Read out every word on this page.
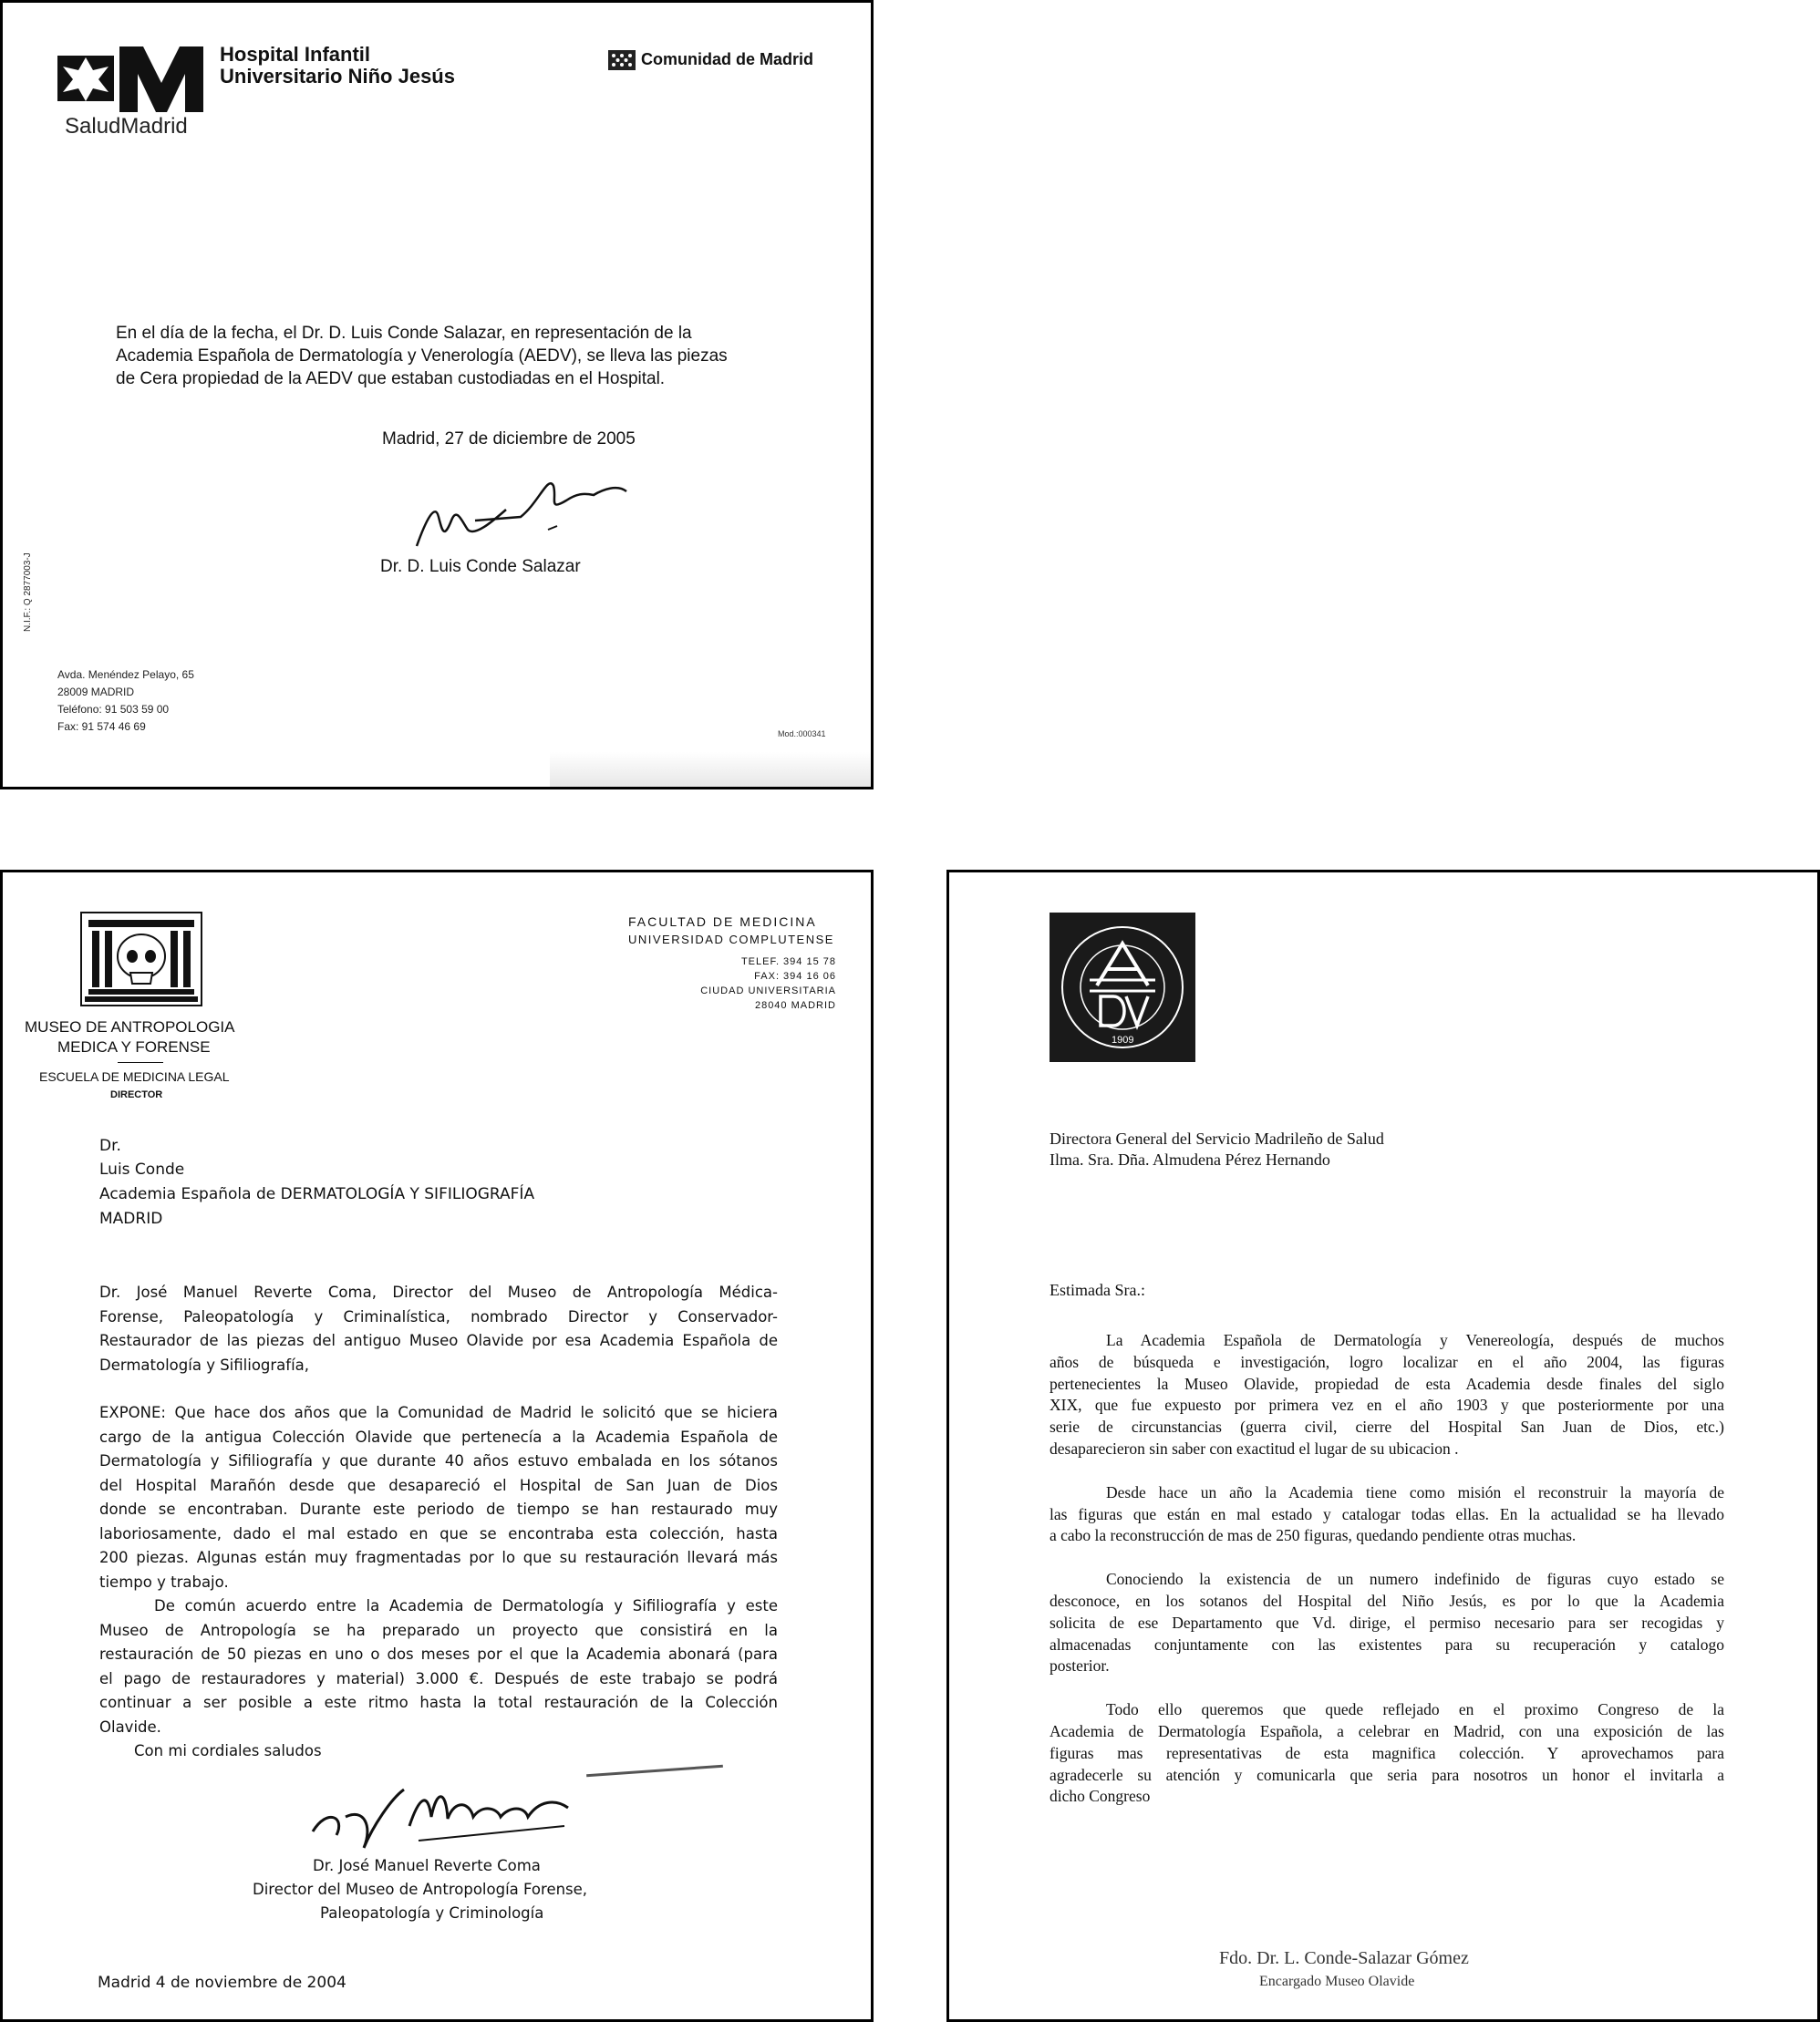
SaludMadrid
Hospital Infantil
Universitario Niño Jesús
Comunidad de Madrid
En el día de la fecha, el Dr. D. Luis Conde Salazar, en representación de la
Academia Española de Dermatología y Venerología (AEDV), se lleva las piezas
de Cera propiedad de la AEDV que estaban custodiadas en el Hospital.
Madrid, 27 de diciembre de 2005
Dr. D. Luis Conde Salazar
N.I.F.: Q 2877003-J
Avda. Menéndez Pelayo, 65
28009 MADRID
Teléfono: 91 503 59 00
Fax: 91 574 46 69
Mod.:000341
MUSEO DE ANTROPOLOGIA
MEDICA Y FORENSE
ESCUELA DE MEDICINA LEGAL
DIRECTOR
FACULTAD DE MEDICINA
UNIVERSIDAD COMPLUTENSE
TELEF. 394 15 78
FAX: 394 16 06
CIUDAD UNIVERSITARIA
28040 MADRID
Dr.
Luis Conde
Academia Española de DERMATOLOGÍA Y SIFILIOGRAFÍA
MADRID
Dr. José Manuel Reverte Coma, Director del Museo de Antropología Médica-
Forense, Paleopatología y Criminalística, nombrado Director y Conservador-
Restaurador de las piezas del antiguo Museo Olavide por esa Academia Española de
Dermatología y Sifiliografía,
EXPONE: Que hace dos años que la Comunidad de Madrid le solicitó que se hiciera
cargo de la antigua Colección Olavide que pertenecía a la Academia Española de
Dermatología y Sifiliografía y que durante 40 años estuvo embalada en los sótanos
del Hospital Marañón desde que desapareció el Hospital de San Juan de Dios
donde se encontraban. Durante este periodo de tiempo se han restaurado muy
laboriosamente, dado el mal estado en que se encontraba esta colección, hasta
200 piezas. Algunas están muy fragmentadas por lo que su restauración llevará más
tiempo y trabajo.
De común acuerdo entre la Academia de Dermatología y Sifiliografía y este
Museo de Antropología se ha preparado un proyecto que consistirá en la
restauración de 50 piezas en uno o dos meses por el que la Academia abonará (para
el pago de restauradores y material) 3.000 €. Después de este trabajo se podrá
continuar a ser posible a este ritmo hasta la total restauración de la Colección
Olavide.
Con mi cordiales saludos
Dr. José Manuel Reverte Coma
Director del Museo de Antropología Forense,
Paleopatología y Criminología
Madrid 4 de noviembre de 2004
1909
Directora General del Servicio Madrileño de Salud
Ilma. Sra. Dña. Almudena Pérez Hernando
Estimada Sra.:
La Academia Española de Dermatología y Venereología, después de muchos
años de búsqueda e investigación, logro localizar en el año 2004, las figuras
pertenecientes la Museo Olavide, propiedad de esta Academia desde finales del siglo
XIX, que fue expuesto por primera vez en el año 1903 y que posteriormente por una
serie de circunstancias (guerra civil, cierre del Hospital San Juan de Dios, etc.)
desaparecieron sin saber con exactitud el lugar de su ubicacion .
Desde hace un año la Academia tiene como misión el reconstruir la mayoría de
las figuras que están en mal estado y catalogar todas ellas. En la actualidad se ha llevado
a cabo la reconstrucción de mas de 250 figuras, quedando pendiente otras muchas.
Conociendo la existencia de un numero indefinido de figuras cuyo estado se
desconoce, en los sotanos del Hospital del Niño Jesús, es por lo que la Academia
solicita de ese Departamento que Vd. dirige, el permiso necesario para ser recogidas y
almacenadas conjuntamente con las existentes para su recuperación y catalogo
posterior.
Todo ello queremos que quede reflejado en el proximo Congreso de la
Academia de Dermatología Española, a celebrar en Madrid, con una exposición de las
figuras mas representativas de esta magnifica colección. Y aprovechamos para
agradecerle su atención y comunicarla que seria para nosotros un honor el invitarla a
dicho Congreso
Fdo. Dr. L. Conde-Salazar Gómez
Encargado Museo Olavide
